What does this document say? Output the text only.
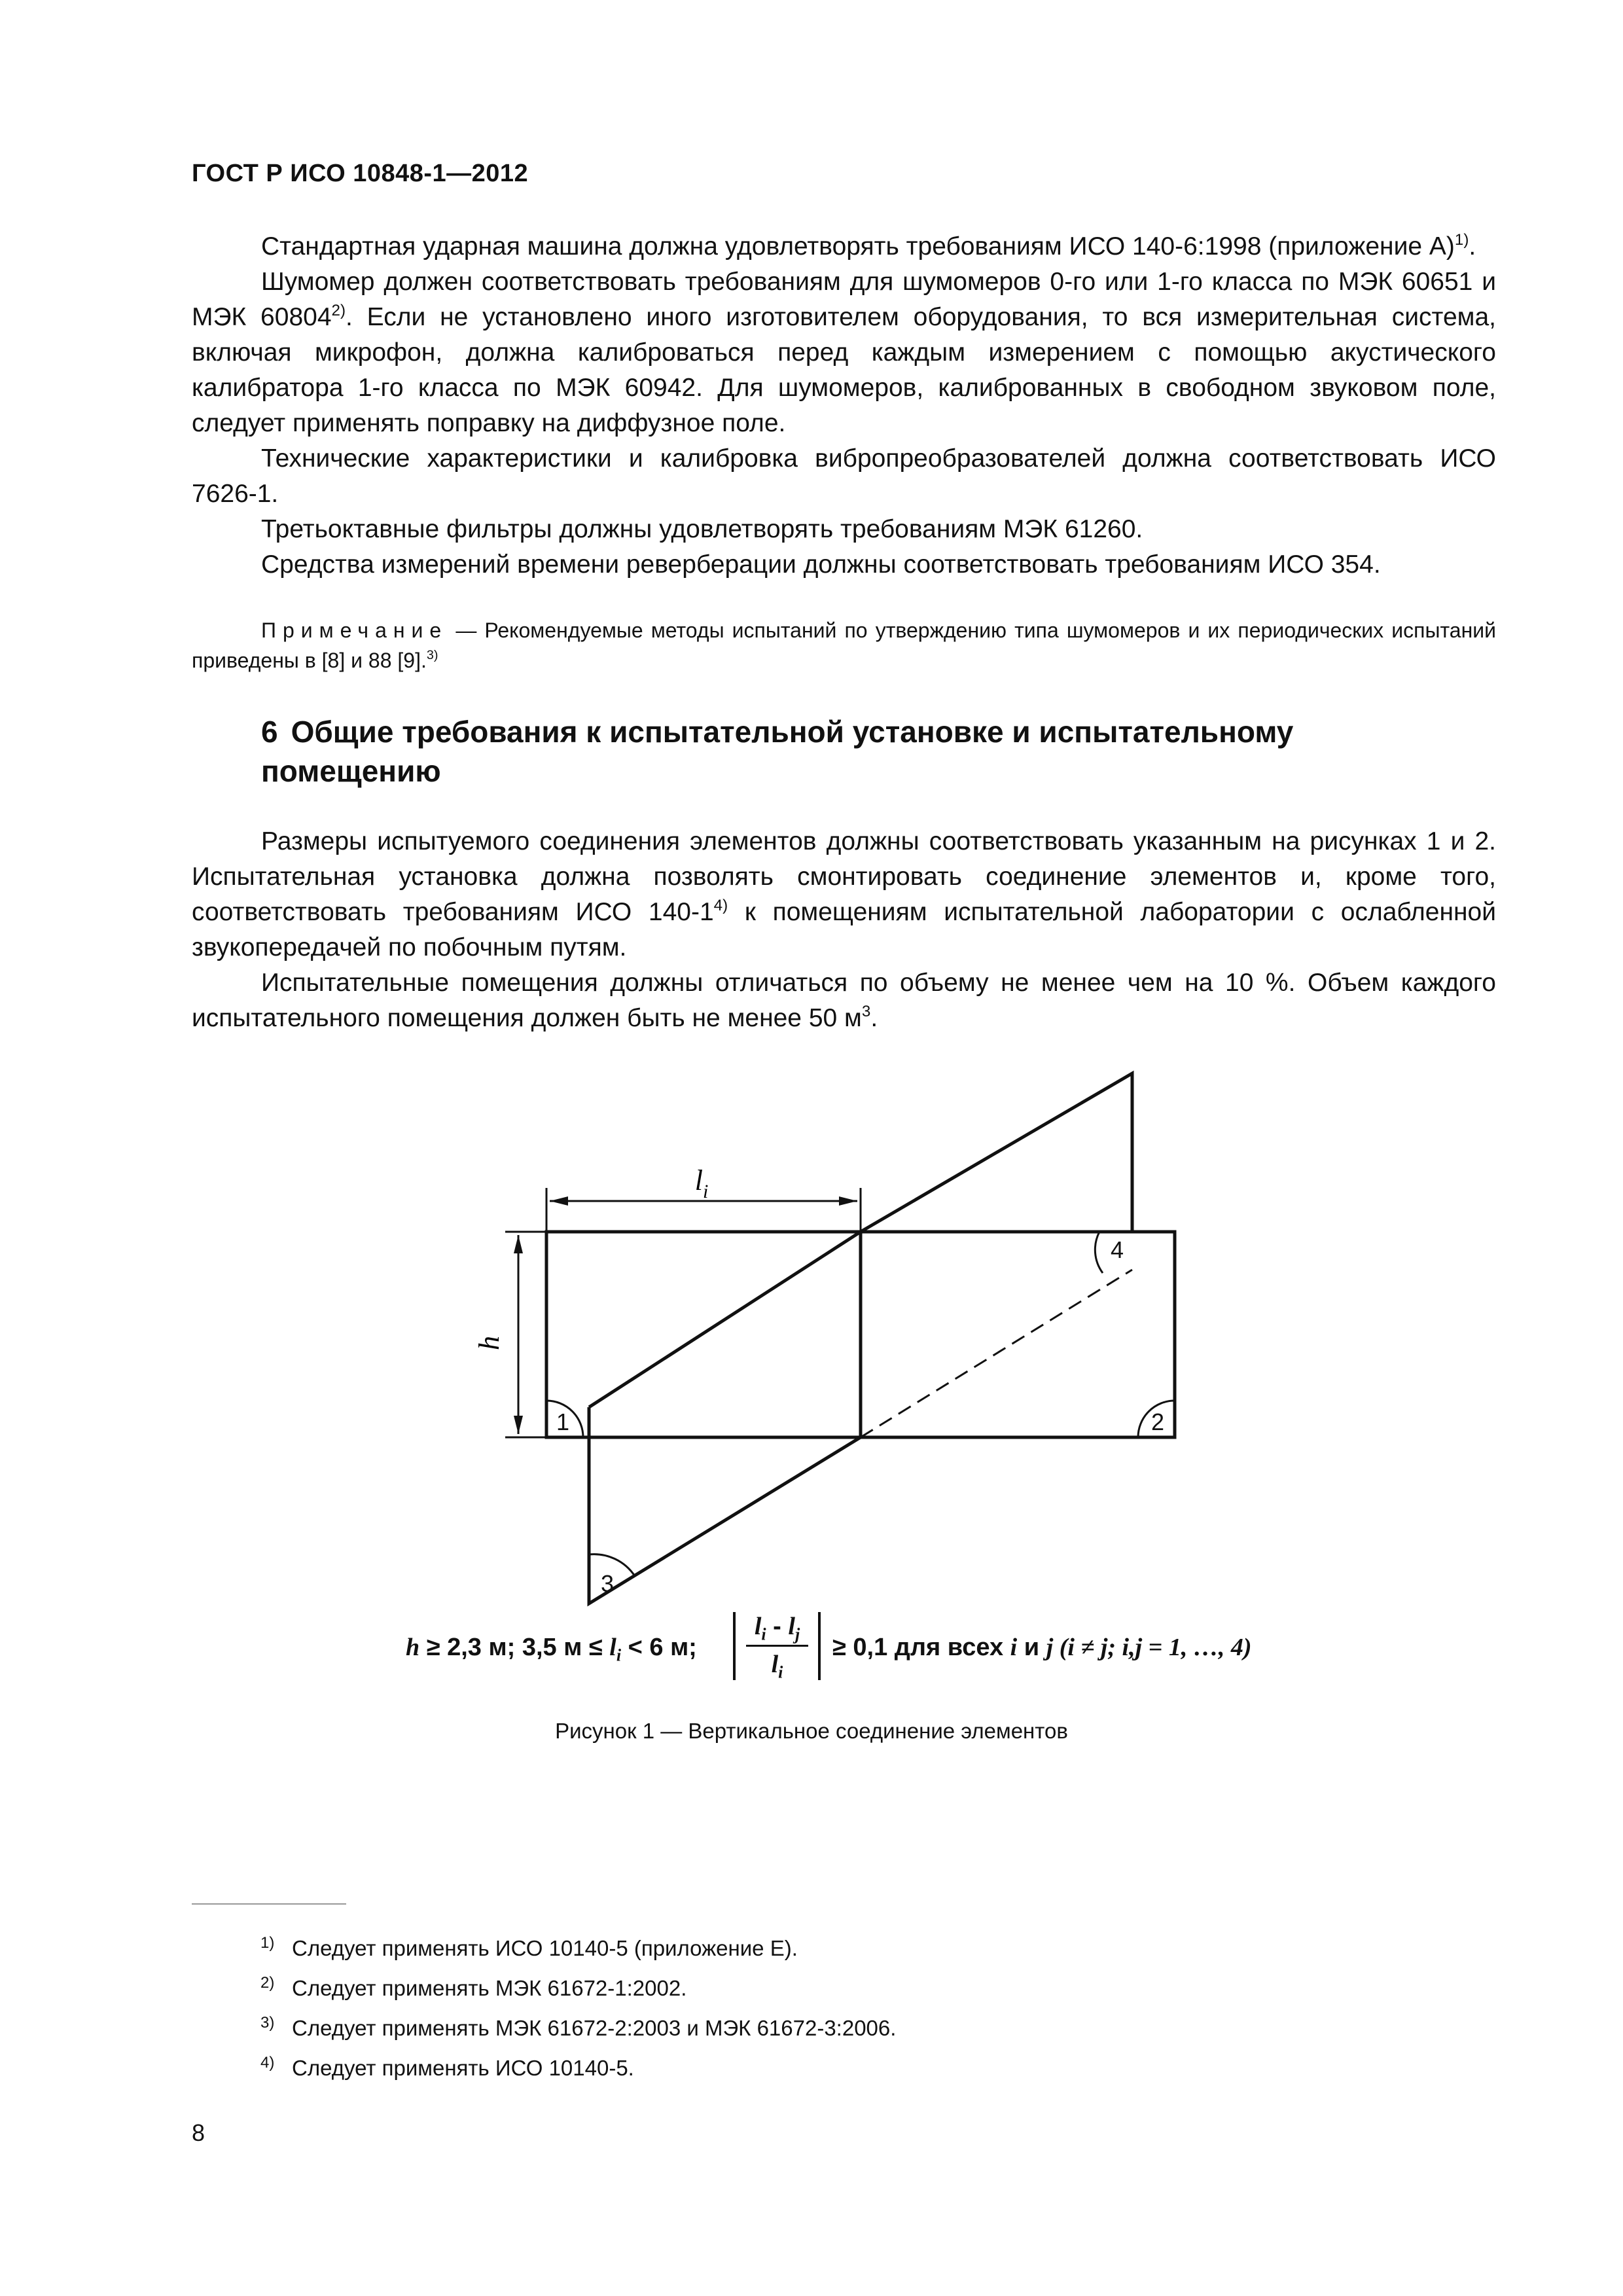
ГОСТ Р ИСО 10848-1—2012

Стандартная ударная машина должна удовлетворять требованиям ИСО 140-6:1998 (приложение А)$^{1)}$.

Шумомер должен соответствовать требованиям для шумомеров 0-го или 1-го класса по МЭК 60651 и МЭК 60804$^{2)}$. Если не установлено иного изготовителем оборудования, то вся измерительная система, включая микрофон, должна калиброваться перед каждым измерением с помощью акустического калибратора 1-го класса по МЭК 60942. Для шумомеров, калиброванных в свободном звуковом поле, следует применять поправку на диффузное поле.

Технические характеристики и калибровка вибропреобразователей должна соответствовать ИСО 7626-1.

Третьоктавные фильтры должны удовлетворять требованиям МЭК 61260.

Средства измерений времени реверберации должны соответствовать требованиям ИСО 354.

Примечание — Рекомендуемые методы испытаний по утверждению типа шумомеров и их периодических испытаний приведены в [8] и 88 [9].$^{3)}$

6 Общие требования к испытательной установке и испытательному помещению

Размеры испытуемого соединения элементов должны соответствовать указанным на рисунках 1 и 2. Испытательная установка должна позволять смонтировать соединение элементов и, кроме того, соответствовать требованиям ИСО 140-1$^{4)}$ к помещениям испытательной лаборатории с ослабленной звукопередачей по побочным путям.

Испытательные помещения должны отличаться по объему не менее чем на 10 %. Объем каждого испытательного помещения должен быть не менее 50 $м^3$.

$l_i$
h
1	2
3
4
h ≥ 2,3 м; 3,5 $м \le l_i < 6$ м;
$l_i - l_j$
$l_i$
≥ 0,1 для всех i и j (i ≠ j; i,j = 1, …, 4)
Рисунок 1 — Вертикальное соединение элементов
1) Следует применять ИСО 10140-5 (приложение Е).
2) Следует применять МЭК 61672-1:2002.
3) Следует применять МЭК 61672-2:2003 и МЭК 61672-3:2006.
4) Следует применять ИСО 10140-5.
8
